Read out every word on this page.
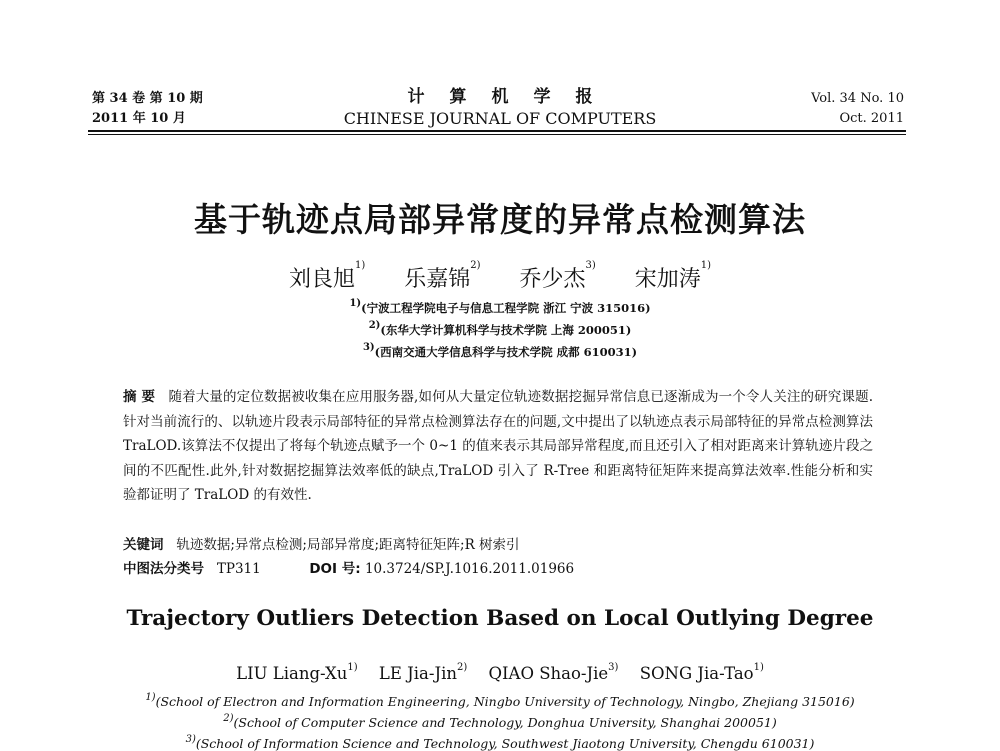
第 34 卷 第 10 期
2011 年 10 月
计算机学报
CHINESE JOURNAL OF COMPUTERS
Vol. 34 No. 10
Oct. 2011
基于轨迹点局部异常度的异常点检测算法
刘良旭$^{1)}$ 乐嘉锦$^{2)}$ 乔少杰$^{3)}$ 宋加涛$^{1)}$
$^{1)}$(宁波工程学院电子与信息工程学院 浙江 宁波 315016)
$^{2)}$(东华大学计算机科学与技术学院 上海 200051)
$^{3)}$(西南交通大学信息科学与技术学院 成都 610031)
摘 要 随着大量的定位数据被收集在应用服务器,如何从大量定位轨迹数据挖掘异常信息已逐渐成为一个令人关注的研究课题.针对当前流行的、以轨迹片段表示局部特征的异常点检测算法存在的问题,文中提出了以轨迹点表示局部特征的异常点检测算法 TraLOD.该算法不仅提出了将每个轨迹点赋予一个 0~1 的值来表示其局部异常程度,而且还引入了相对距离来计算轨迹片段之间的不匹配性.此外,针对数据挖掘算法效率低的缺点,TraLOD 引入了 R-Tree 和距离特征矩阵来提高算法效率.性能分析和实验都证明了 TraLOD 的有效性.
关键词 轨迹数据;异常点检测;局部异常度;距离特征矩阵;R 树索引
中图法分类号 TP311	DOI 号: 10.3724/SP.J.1016.2011.01966
Trajectory Outliers Detection Based on Local Outlying Degree
LIU Liang-Xu$^{1)}$ LE Jia-Jin$^{2)}$ QIAO Shao-Jie$^{3)}$ SONG Jia-Tao$^{1)}$
$^{1)}$(School of Electron and Information Engineering, Ningbo University of Technology, Ningbo, Zhejiang 315016)
$^{2)}$(School of Computer Science and Technology, Donghua University, Shanghai 200051)
$^{3)}$(School of Information Science and Technology, Southwest Jiaotong University, Chengdu 610031)
